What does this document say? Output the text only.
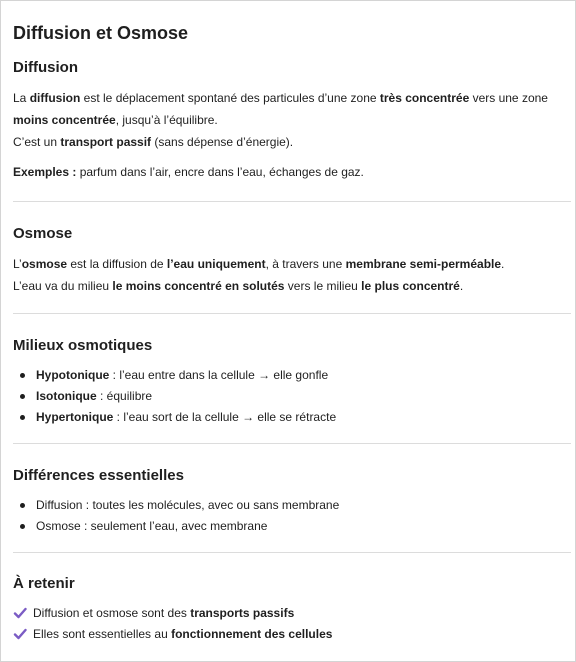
Diffusion et Osmose
Diffusion

La diffusion est le déplacement spontané des particules d’une zone très concentrée vers une zone moins concentrée, jusqu’à l’équilibre.

C’est un transport passif (sans dépense d’énergie).

Exemples : parfum dans l’air, encre dans l’eau, échanges de gaz.

Osmose

L’osmose est la diffusion de l’eau uniquement, à travers une membrane semi-perméable.

L’eau va du milieu le moins concentré en solutés vers le milieu le plus concentré.

Milieux osmotiques
Hypotonique : l’eau entre dans la cellule → elle gonfle
Isotonique : équilibre
Hypertonique : l’eau sort de la cellule → elle se rétracte
Différences essentielles
Diffusion : toutes les molécules, avec ou sans membrane
Osmose : seulement l’eau, avec membrane
À retenir
Diffusion et osmose sont des transports passifs
Elles sont essentielles au fonctionnement des cellules
